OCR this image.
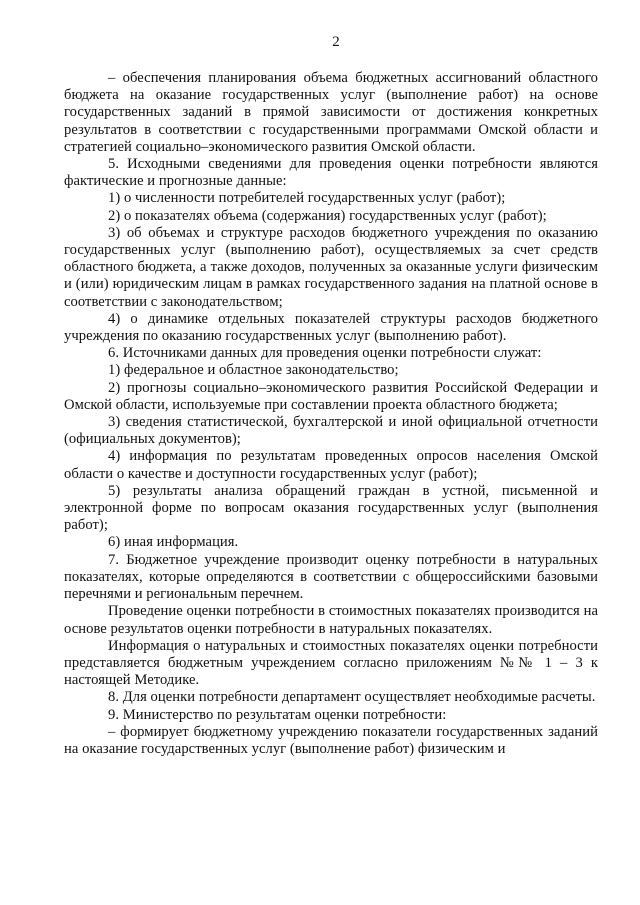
2

– обеспечения планирования объема бюджетных ассигнований областного бюджета на оказание государственных услуг (выполнение работ) на основе государственных заданий в прямой зависимости от достижения конкретных результатов в соответствии с государственными программами Омской области и стратегией социально–экономического развития Омской области.

5. Исходными сведениями для проведения оценки потребности являются фактические и прогнозные данные:

1) о численности потребителей государственных услуг (работ);

2) о показателях объема (содержания) государственных услуг (работ);

3) об объемах и структуре расходов бюджетного учреждения по оказанию государственных услуг (выполнению работ), осуществляемых за счет средств областного бюджета, а также доходов, полученных за оказанные услуги физическим и (или) юридическим лицам в рамках государственного задания на платной основе в соответствии с законодательством;

4) о динамике отдельных показателей структуры расходов бюджетного учреждения по оказанию государственных услуг (выполнению работ).

6. Источниками данных для проведения оценки потребности служат:

1) федеральное и областное законодательство;

2) прогнозы социально–экономического развития Российской Федерации и Омской области, используемые при составлении проекта областного бюджета;

3) сведения статистической, бухгалтерской и иной официальной отчетности (официальных документов);

4) информация по результатам проведенных опросов населения Омской области о качестве и доступности государственных услуг (работ);

5) результаты анализа обращений граждан в устной, письменной и электронной форме по вопросам оказания государственных услуг (выполнения работ);

6) иная информация.

7. Бюджетное учреждение производит оценку потребности в натуральных показателях, которые определяются в соответствии с общероссийскими базовыми перечнями и региональным перечнем.

Проведение оценки потребности в стоимостных показателях производится на основе результатов оценки потребности в натуральных показателях.

Информация о натуральных и стоимостных показателях оценки потребности представляется бюджетным учреждением согласно приложениям №№ 1 – 3 к настоящей Методике.

8. Для оценки потребности департамент осуществляет необходимые расчеты.

9. Министерство по результатам оценки потребности:

– формирует бюджетному учреждению показатели государственных заданий на оказание государственных услуг (выполнение работ) физическим и
